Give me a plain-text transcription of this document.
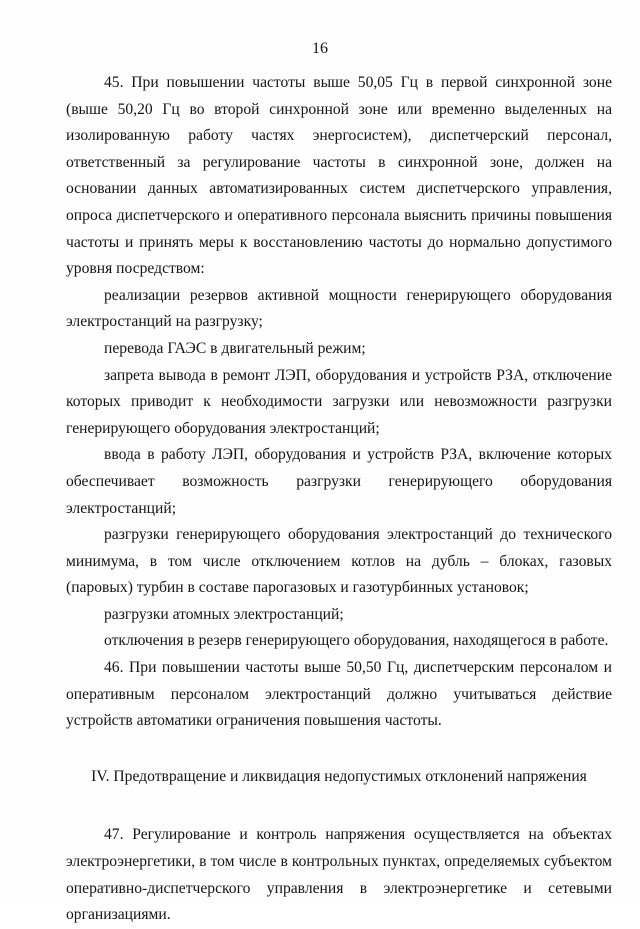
16

45. При повышении частоты выше 50,05 Гц в первой синхронной зоне (выше 50,20 Гц во второй синхронной зоне или временно выделенных на изолированную работу частях энергосистем), диспетчерский персонал, ответственный за регулирование частоты в синхронной зоне, должен на основании данных автоматизированных систем диспетчерского управления, опроса диспетчерского и оперативного персонала выяснить причины повышения частоты и принять меры к восстановлению частоты до нормально допустимого уровня посредством:

реализации резервов активной мощности генерирующего оборудования электростанций на разгрузку;

перевода ГАЭС в двигательный режим;

запрета вывода в ремонт ЛЭП, оборудования и устройств РЗА, отключение которых приводит к необходимости загрузки или невозможности разгрузки генерирующего оборудования электростанций;

ввода в работу ЛЭП, оборудования и устройств РЗА, включение которых обеспечивает возможность разгрузки генерирующего оборудования электростанций;

разгрузки генерирующего оборудования электростанций до технического минимума, в том числе отключением котлов на дубль – блоках, газовых (паровых) турбин в составе парогазовых и газотурбинных установок;

разгрузки атомных электростанций;

отключения в резерв генерирующего оборудования, находящегося в работе.

46. При повышении частоты выше 50,50 Гц, диспетчерским персоналом и оперативным персоналом электростанций должно учитываться действие устройств автоматики ограничения повышения частоты.

IV. Предотвращение и ликвидация недопустимых отклонений напряжения

47. Регулирование и контроль напряжения осуществляется на объектах электроэнергетики, в том числе в контрольных пунктах, определяемых субъектом оперативно-диспетчерского управления в электроэнергетике и сетевыми организациями.
